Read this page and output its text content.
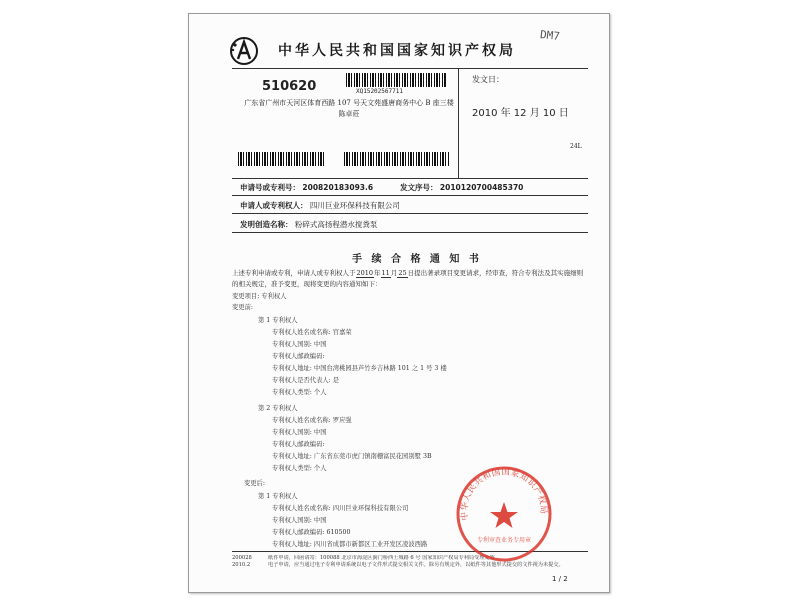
中华人民共和国国家知识产权局
DM7
510620	XQ15202567711
广东省广州市天河区体育西路 107 号天文苑盛唐商务中心 B 座三楼
陈卓莊
发文日：
2010 年 12 月 10 日
24L
申请号或专利号： 200820183093.6	发文序号： 2010120700485370
申请人或专利权人： 四川巨业环保科技有限公司
发明创造名称： 粉碎式高扬程潜水搅粪泵
手 续 合 格 通 知 书
上述专利申请或专利，申请人或专利权人于2010年11月25日提出著录项目变更请求，经审查，符合专利法及其实施细则的相关规定，准予变更，现将变更的内容通知如下：
变更项目: 专利权人
变更前:
第 1 专利权人
专利权人姓名或名称: 官嘉荣
专利权人国别: 中国
专利权人邮政编码:
专利权人地址: 中国台湾桃园县芦竹乡吉林路 101 之 1 号 3 楼
专利权人是否代表人: 是
专利权人类型: 个人
第 2 专利权人
专利权人姓名或名称: 罗应强
专利权人国别: 中国
专利权人邮政编码:
专利权人地址: 广东省东莞市虎门镇南栅富民花园别墅 3B
专利权人类型: 个人
变更后:
第 1 专利权人
专利权人姓名或名称: 四川巨业环保科技有限公司
专利权人国别: 中国
专利权人邮政编码: 610500
专利权人地址: 四川省成都市新都区工业开发区凌波西路
200028
2010.2
纸件申请，回函请寄：100088 北京市海淀区蓟门桥西土城路 6 号 国家知识产权局专利局受理处收
电子申请，应当通过电子专利申请系统以电子文件形式提交相关文件。除另有规定外，以纸件等其他形式提交的文件视为未提交。
1 / 2
中华人民共和国国家知识产权局
专利审查业务专用章
